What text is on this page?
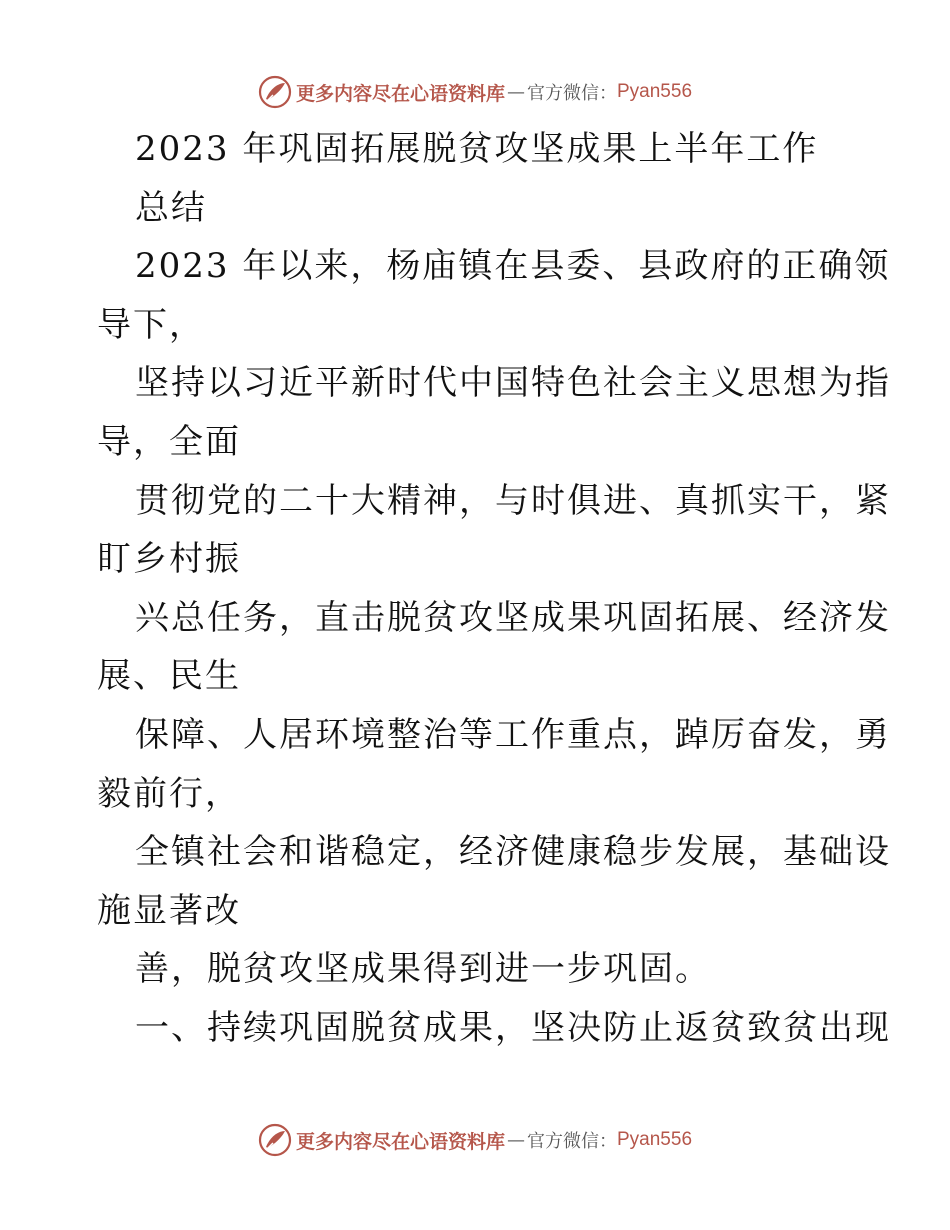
更多内容尽在心语资料库 — 官方微信： Pyan556
2023 年巩固拓展脱贫攻坚成果上半年工作
总结
2023 年以来，杨庙镇在县委、县政府的正确领
导下，
坚持以习近平新时代中国特色社会主义思想为指
导，全面
贯彻党的二十大精神，与时俱进、真抓实干，紧
盯乡村振
兴总任务，直击脱贫攻坚成果巩固拓展、经济发
展、民生
保障、人居环境整治等工作重点，踔厉奋发，勇
毅前行，
全镇社会和谐稳定，经济健康稳步发展，基础设
施显著改
善，脱贫攻坚成果得到进一步巩固。
一、持续巩固脱贫成果，坚决防止返贫致贫出现
更多内容尽在心语资料库 — 官方微信： Pyan556
